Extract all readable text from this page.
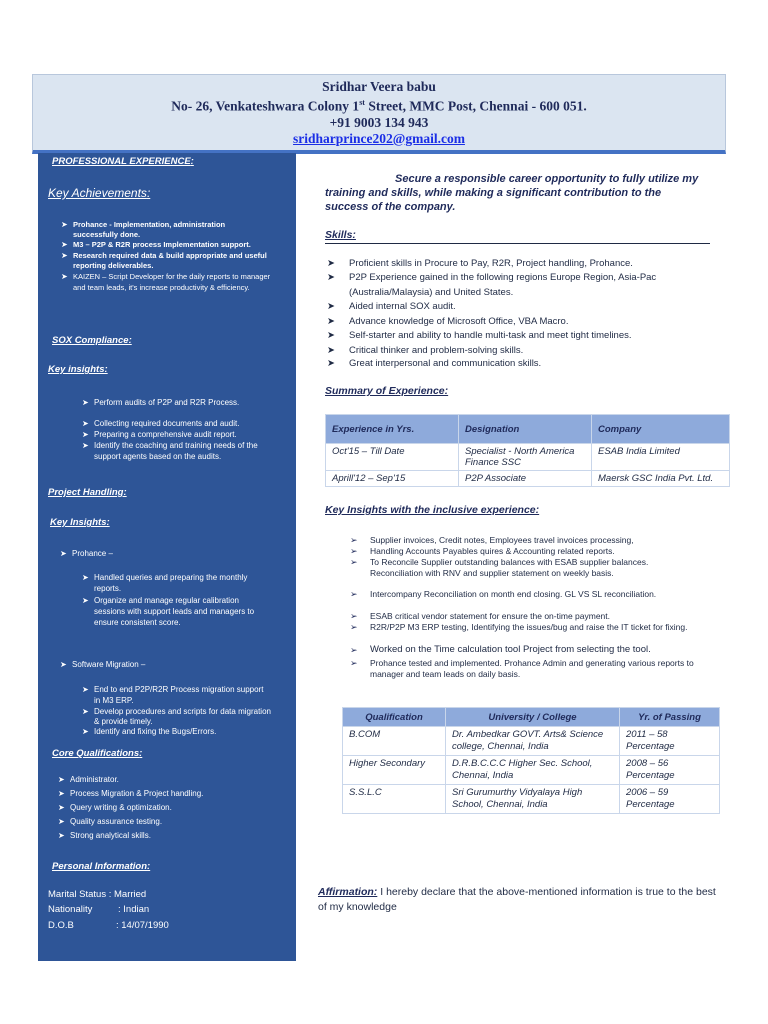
Sridhar Veera babu
No- 26, Venkateshwara Colony 1st Street, MMC Post, Chennai - 600 051.
+91 9003 134 943
sridharprince202@gmail.com
PROFESSIONAL EXPERIENCE:
Key Achievements:
➤ Prohance - Implementation, administration successfully done.
➤ M3 – P2P & R2R process Implementation support.
➤ Research required data & build appropriate and useful reporting deliverables.
➤ KAIZEN – Script Developer for the daily reports to manager and team leads, it's increase productivity & efficiency.
SOX Compliance:
Key insights:
➤ Perform audits of P2P and R2R Process.
➤ Collecting required documents and audit.
➤ Preparing a comprehensive audit report.
➤ Identify the coaching and training needs of the support agents based on the audits.
Project Handling:
Key Insights:
➤ Prohance –
➤ Handled queries and preparing the monthly reports.
➤ Organize and manage regular calibration sessions with support leads and managers to ensure consistent score.
➤ Software Migration –
➤ End to end P2P/R2R Process migration support in M3 ERP.
➤ Develop procedures and scripts for data migration & provide timely.
➤ Identify and fixing the Bugs/Errors.
Core Qualifications:
➤ Administrator.
➤ Process Migration & Project handling.
➤ Query writing & optimization.
➤ Quality assurance testing.
➤ Strong analytical skills.
Personal Information:
Marital Status : Married
Nationality	: Indian
D.O.B	: 14/07/1990
Secure a responsible career opportunity to fully utilize my training and skills, while making a significant contribution to the success of the company.
Skills:
➤ Proficient skills in Procure to Pay, R2R, Project handling, Prohance.
➤ P2P Experience gained in the following regions Europe Region, Asia-Pac (Australia/Malaysia) and United States.
➤ Aided internal SOX audit.
➤ Advance knowledge of Microsoft Office, VBA Macro.
➤ Self-starter and ability to handle multi-task and meet tight timelines.
➤ Critical thinker and problem-solving skills.
➤ Great interpersonal and communication skills.
Summary of Experience:
Experience in Yrs.	Designation	Company
Oct'15 – Till Date	Specialist - North America Finance SSC	ESAB India Limited
Aprill'12 – Sep'15	P2P Associate	Maersk GSC India Pvt. Ltd.
Key Insights with the inclusive experience:
➢ Supplier invoices, Credit notes, Employees travel invoices processing,
➢ Handling Accounts Payables quires & Accounting related reports.
➢ To Reconcile Supplier outstanding balances with ESAB supplier balances. Reconciliation with RNV and supplier statement on weekly basis.
➢ Intercompany Reconciliation on month end closing. GL VS SL reconciliation.
➢ ESAB critical vendor statement for ensure the on-time payment.
➢ R2R/P2P M3 ERP testing, Identifying the issues/bug and raise the IT ticket for fixing.
➢ Worked on the Time calculation tool Project from selecting the tool.
➢ Prohance tested and implemented. Prohance Admin and generating various reports to manager and team leads on daily basis.
Qualification	University / College	Yr. of Passing
B.COM	Dr. Ambedkar GOVT. Arts& Science college, Chennai, India	2011 – 58 Percentage
Higher Secondary	D.R.B.C.C.C Higher Sec. School, Chennai, India	2008 – 56 Percentage
S.S.L.C	Sri Gurumurthy Vidyalaya High School, Chennai, India	2006 – 59 Percentage
Affirmation: I hereby declare that the above-mentioned information is true to the best of my knowledge
